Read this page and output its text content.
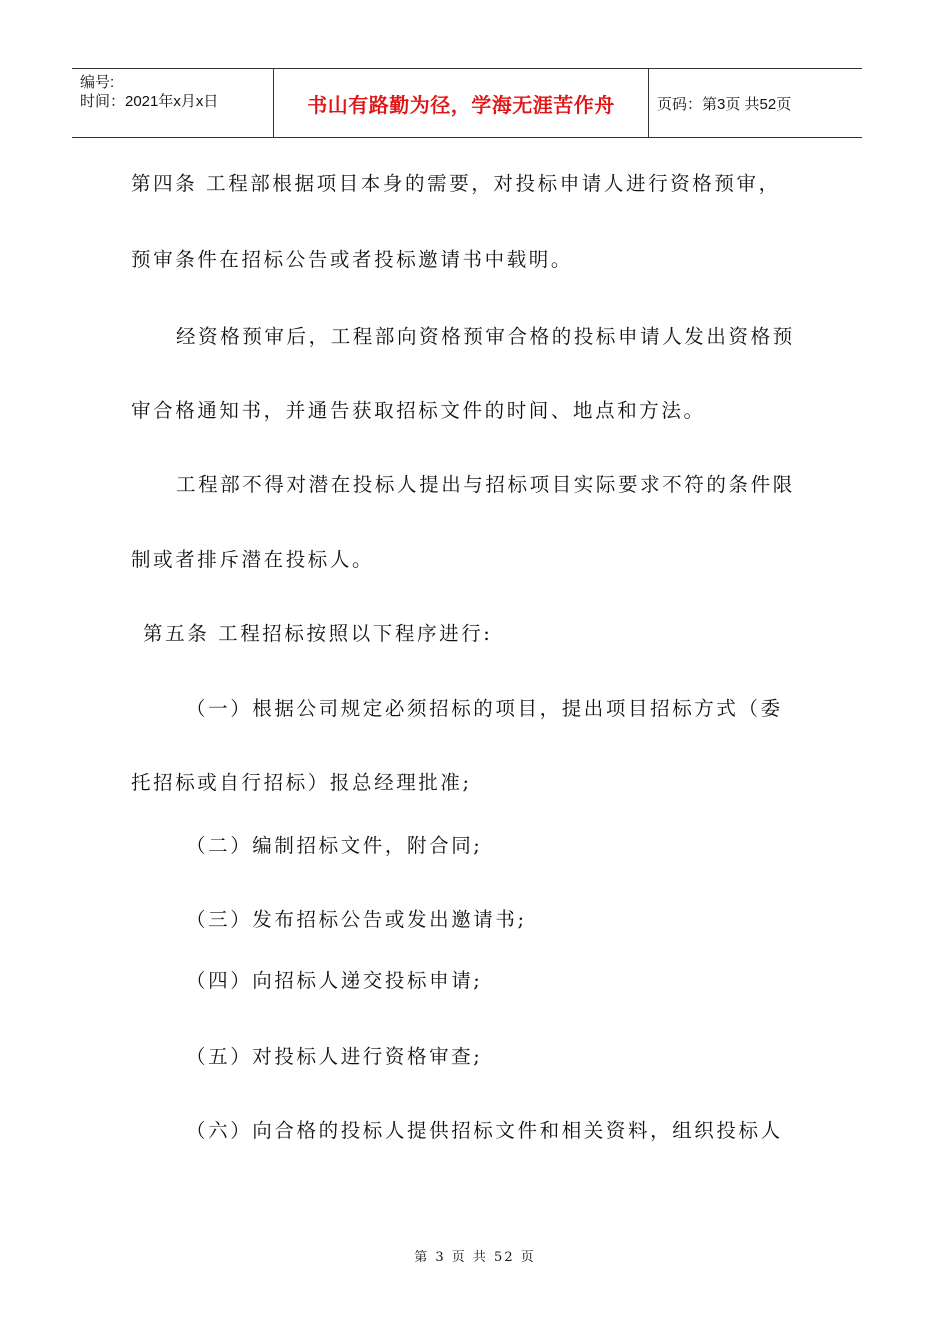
编号:
时间：2021年x月x日	书山有路勤为径，学海无涯苦作舟	页码：第3页 共52页

第四条 工程部根据项目本身的需要，对投标申请人进行资格预审，

预审条件在招标公告或者投标邀请书中载明。

经资格预审后，工程部向资格预审合格的投标申请人发出资格预

审合格通知书，并通告获取招标文件的时间、地点和方法。

工程部不得对潜在投标人提出与招标项目实际要求不符的条件限

制或者排斥潜在投标人。

第五条 工程招标按照以下程序进行:

（一）根据公司规定必须招标的项目，提出项目招标方式（委

托招标或自行招标）报总经理批准;

（二）编制招标文件，附合同;

（三）发布招标公告或发出邀请书;

（四）向招标人递交投标申请;

（五）对投标人进行资格审查;

（六）向合格的投标人提供招标文件和相关资料，组织投标人

第 3 页 共 52 页
